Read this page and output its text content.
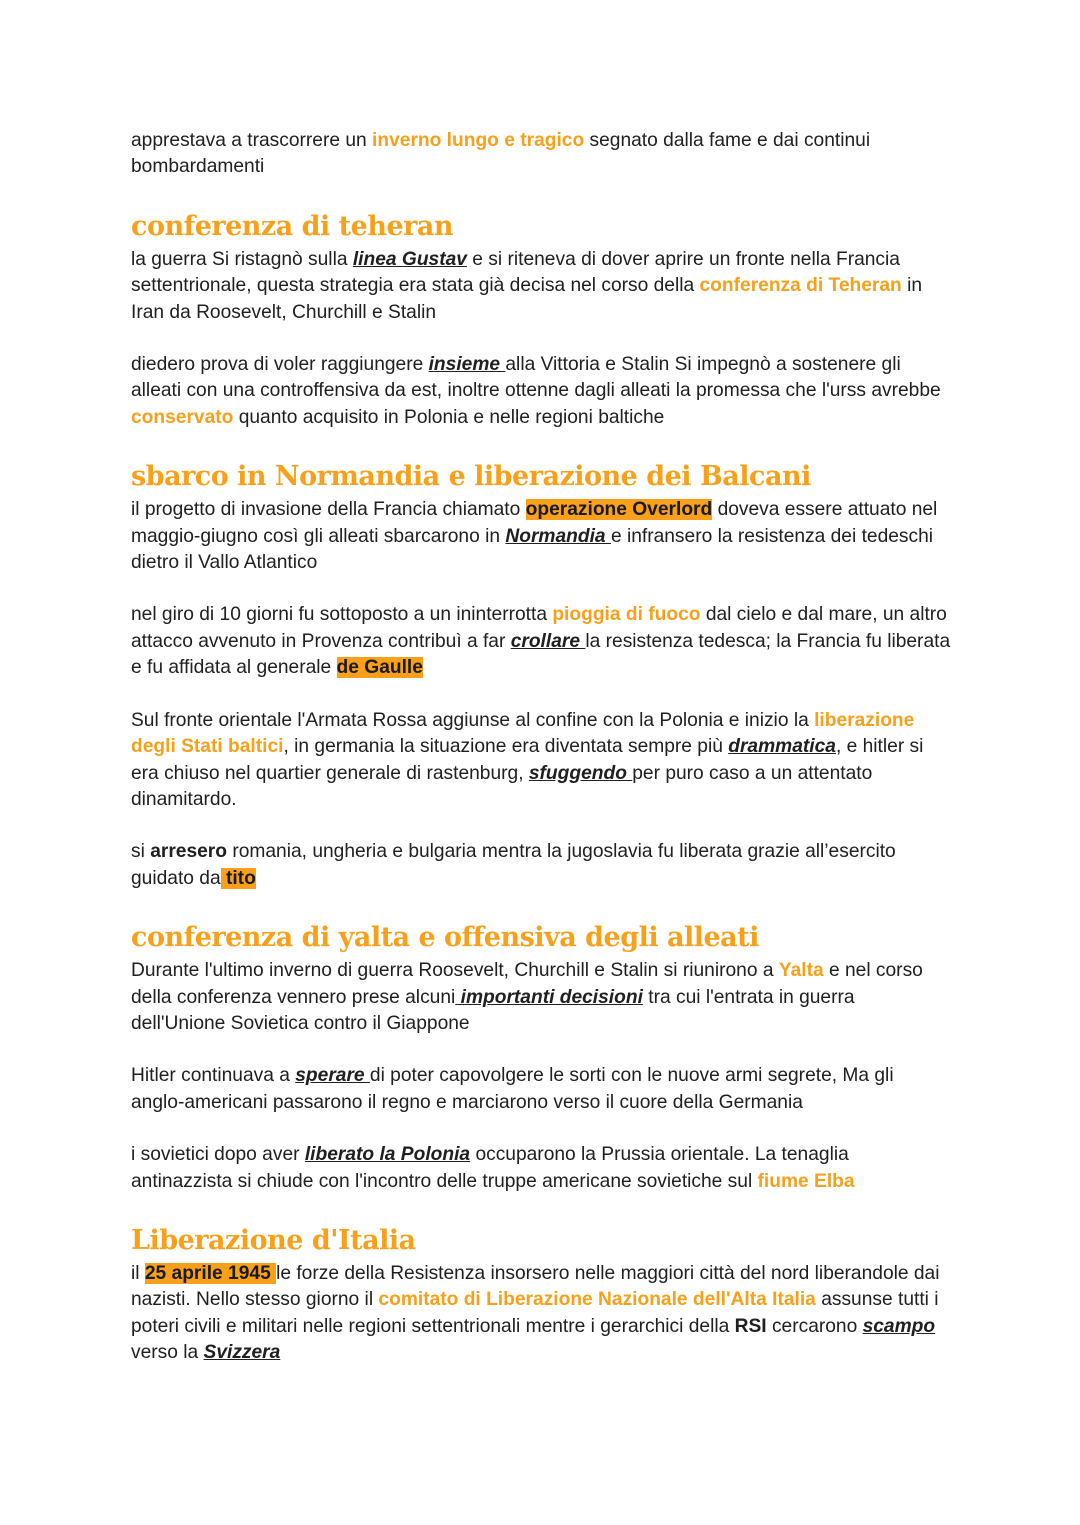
apprestava a trascorrere un inverno lungo e tragico segnato dalla fame e dai continui bombardamenti

conferenza di teheran

la guerra Si ristagnò sulla linea Gustav e si riteneva di dover aprire un fronte nella Francia settentrionale, questa strategia era stata già decisa nel corso della conferenza di Teheran in Iran da Roosevelt, Churchill e Stalin

diedero prova di voler raggiungere insieme alla Vittoria e Stalin Si impegnò a sostenere gli alleati con una controffensiva da est, inoltre ottenne dagli alleati la promessa che l'urss avrebbe conservato quanto acquisito in Polonia e nelle regioni baltiche

sbarco in Normandia e liberazione dei Balcani

il progetto di invasione della Francia chiamato operazione Overlord doveva essere attuato nel maggio-giugno così gli alleati sbarcarono in Normandia e infransero la resistenza dei tedeschi dietro il Vallo Atlantico

nel giro di 10 giorni fu sottoposto a un ininterrotta pioggia di fuoco dal cielo e dal mare, un altro attacco avvenuto in Provenza contribuì a far crollare la resistenza tedesca; la Francia fu liberata e fu affidata al generale de Gaulle

Sul fronte orientale l'Armata Rossa aggiunse al confine con la Polonia e inizio la liberazione degli Stati baltici, in germania la situazione era diventata sempre più drammatica, e hitler si era chiuso nel quartier generale di rastenburg, sfuggendo per puro caso a un attentato dinamitardo.

si arresero romania, ungheria e bulgaria mentra la jugoslavia fu liberata grazie all’esercito guidato da tito

conferenza di yalta e offensiva degli alleati

Durante l'ultimo inverno di guerra Roosevelt, Churchill e Stalin si riunirono a Yalta e nel corso della conferenza vennero prese alcuni importanti decisioni tra cui l'entrata in guerra dell'Unione Sovietica contro il Giappone

Hitler continuava a sperare di poter capovolgere le sorti con le nuove armi segrete, Ma gli anglo-americani passarono il regno e marciarono verso il cuore della Germania

i sovietici dopo aver liberato la Polonia occuparono la Prussia orientale. La tenaglia antinazzista si chiude con l'incontro delle truppe americane sovietiche sul fiume Elba

Liberazione d'Italia

il 25 aprile 1945 le forze della Resistenza insorsero nelle maggiori città del nord liberandole dai nazisti. Nello stesso giorno il comitato di Liberazione Nazionale dell'Alta Italia assunse tutti i poteri civili e militari nelle regioni settentrionali mentre i gerarchici della RSI cercarono scampo verso la Svizzera
